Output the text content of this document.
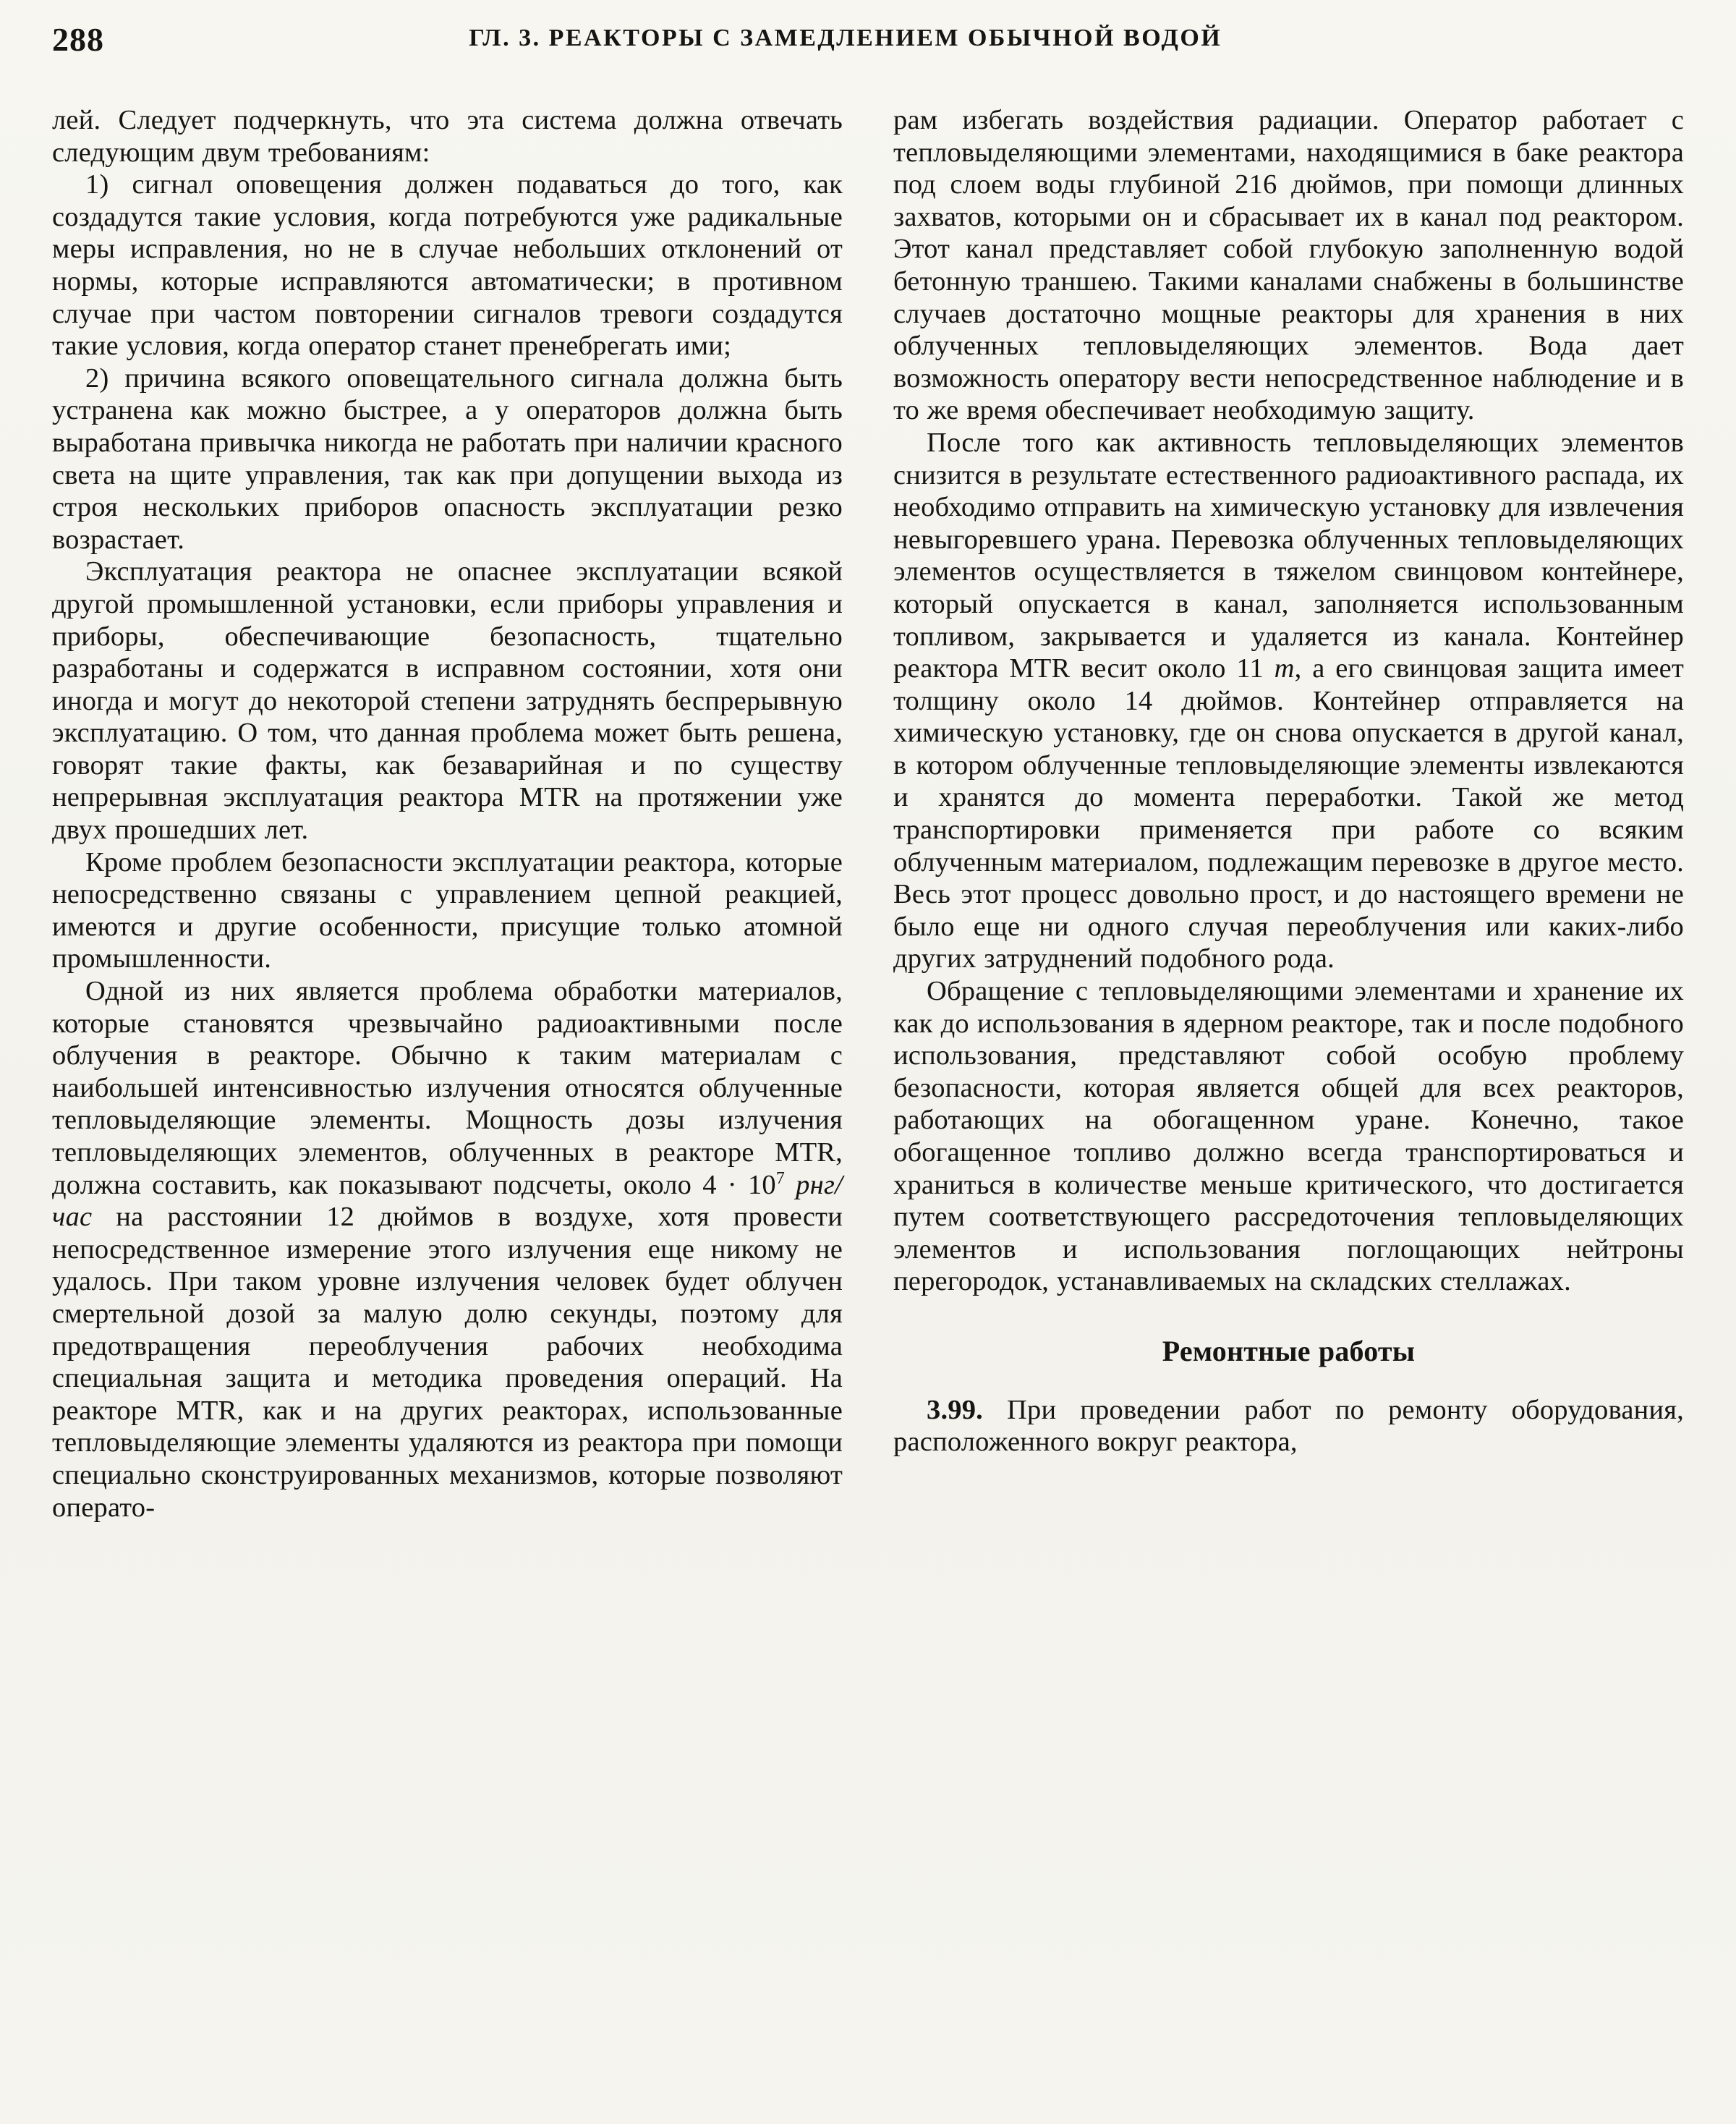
288	ГЛ. 3. РЕАКТОРЫ С ЗАМЕДЛЕНИЕМ ОБЫЧНОЙ ВОДОЙ

лей. Следует подчеркнуть, что эта система должна отвечать следующим двум требованиям:

1) сигнал оповещения должен подаваться до того, как создадутся такие условия, когда потребуются уже радикальные меры исправления, но не в случае небольших отклонений от нормы, которые исправляются автоматически; в противном случае при частом повторении сигналов тревоги создадутся такие условия, когда оператор станет пренебрегать ими;

2) причина всякого оповещательного сигнала должна быть устранена как можно быстрее, а у операторов должна быть выработана привычка никогда не работать при наличии красного света на щите управления, так как при допущении выхода из строя нескольких приборов опасность эксплуатации резко возрастает.

Эксплуатация реактора не опаснее эксплуатации всякой другой промышленной установки, если приборы управления и приборы, обеспечивающие безопасность, тщательно разработаны и содержатся в исправном состоянии, хотя они иногда и могут до некоторой степени затруднять беспрерывную эксплуатацию. О том, что данная проблема может быть решена, говорят такие факты, как безаварийная и по существу непрерывная эксплуатация реактора MTR на протяжении уже двух прошедших лет.

Кроме проблем безопасности эксплуатации реактора, которые непосредственно связаны с управлением цепной реакцией, имеются и другие особенности, присущие только атомной промышленности.

Одной из них является проблема обработки материалов, которые становятся чрезвычайно радиоактивными после облучения в реакторе. Обычно к таким материалам с наибольшей интенсивностью излучения относятся облученные тепловыделяющие элементы. Мощность дозы излучения тепловыделяющих элементов, облученных в реакторе MTR, должна составить, как показывают подсчеты, около $4 \cdot 10^7$ рнг/час на расстоянии 12 дюймов в воздухе, хотя провести непосредственное измерение этого излучения еще никому не удалось. При таком уровне излучения человек будет облучен смертельной дозой за малую долю секунды, поэтому для предотвращения переоблучения рабочих необходима специальная защита и методика проведения операций. На реакторе MTR, как и на других реакторах, использованные тепловыделяющие элементы удаляются из реактора при помощи специально сконструированных механизмов, которые позволяют операто-

рам избегать воздействия радиации. Оператор работает с тепловыделяющими элементами, находящимися в баке реактора под слоем воды глубиной 216 дюймов, при помощи длинных захватов, которыми он и сбрасывает их в канал под реактором. Этот канал представляет собой глубокую заполненную водой бетонную траншею. Такими каналами снабжены в большинстве случаев достаточно мощные реакторы для хранения в них облученных тепловыделяющих элементов. Вода дает возможность оператору вести непосредственное наблюдение и в то же время обеспечивает необходимую защиту.

После того как активность тепловыделяющих элементов снизится в результате естественного радиоактивного распада, их необходимо отправить на химическую установку для извлечения невыгоревшего урана. Перевозка облученных тепловыделяющих элементов осуществляется в тяжелом свинцовом контейнере, который опускается в канал, заполняется использованным топливом, закрывается и удаляется из канала. Контейнер реактора MTR весит около 11 т, а его свинцовая защита имеет толщину около 14 дюймов. Контейнер отправляется на химическую установку, где он снова опускается в другой канал, в котором облученные тепловыделяющие элементы извлекаются и хранятся до момента переработки. Такой же метод транспортировки применяется при работе со всяким облученным материалом, подлежащим перевозке в другое место. Весь этот процесс довольно прост, и до настоящего времени не было еще ни одного случая переоблучения или каких-либо других затруднений подобного рода.

Обращение с тепловыделяющими элементами и хранение их как до использования в ядерном реакторе, так и после подобного использования, представляют собой особую проблему безопасности, которая является общей для всех реакторов, работающих на обогащенном уране. Конечно, такое обогащенное топливо должно всегда транспортироваться и храниться в количестве меньше критического, что достигается путем соответствующего рассредоточения тепловыделяющих элементов и использования поглощающих нейтроны перегородок, устанавливаемых на складских стеллажах.

Ремонтные работы

3.99. При проведении работ по ремонту оборудования, расположенного вокруг реактора,
